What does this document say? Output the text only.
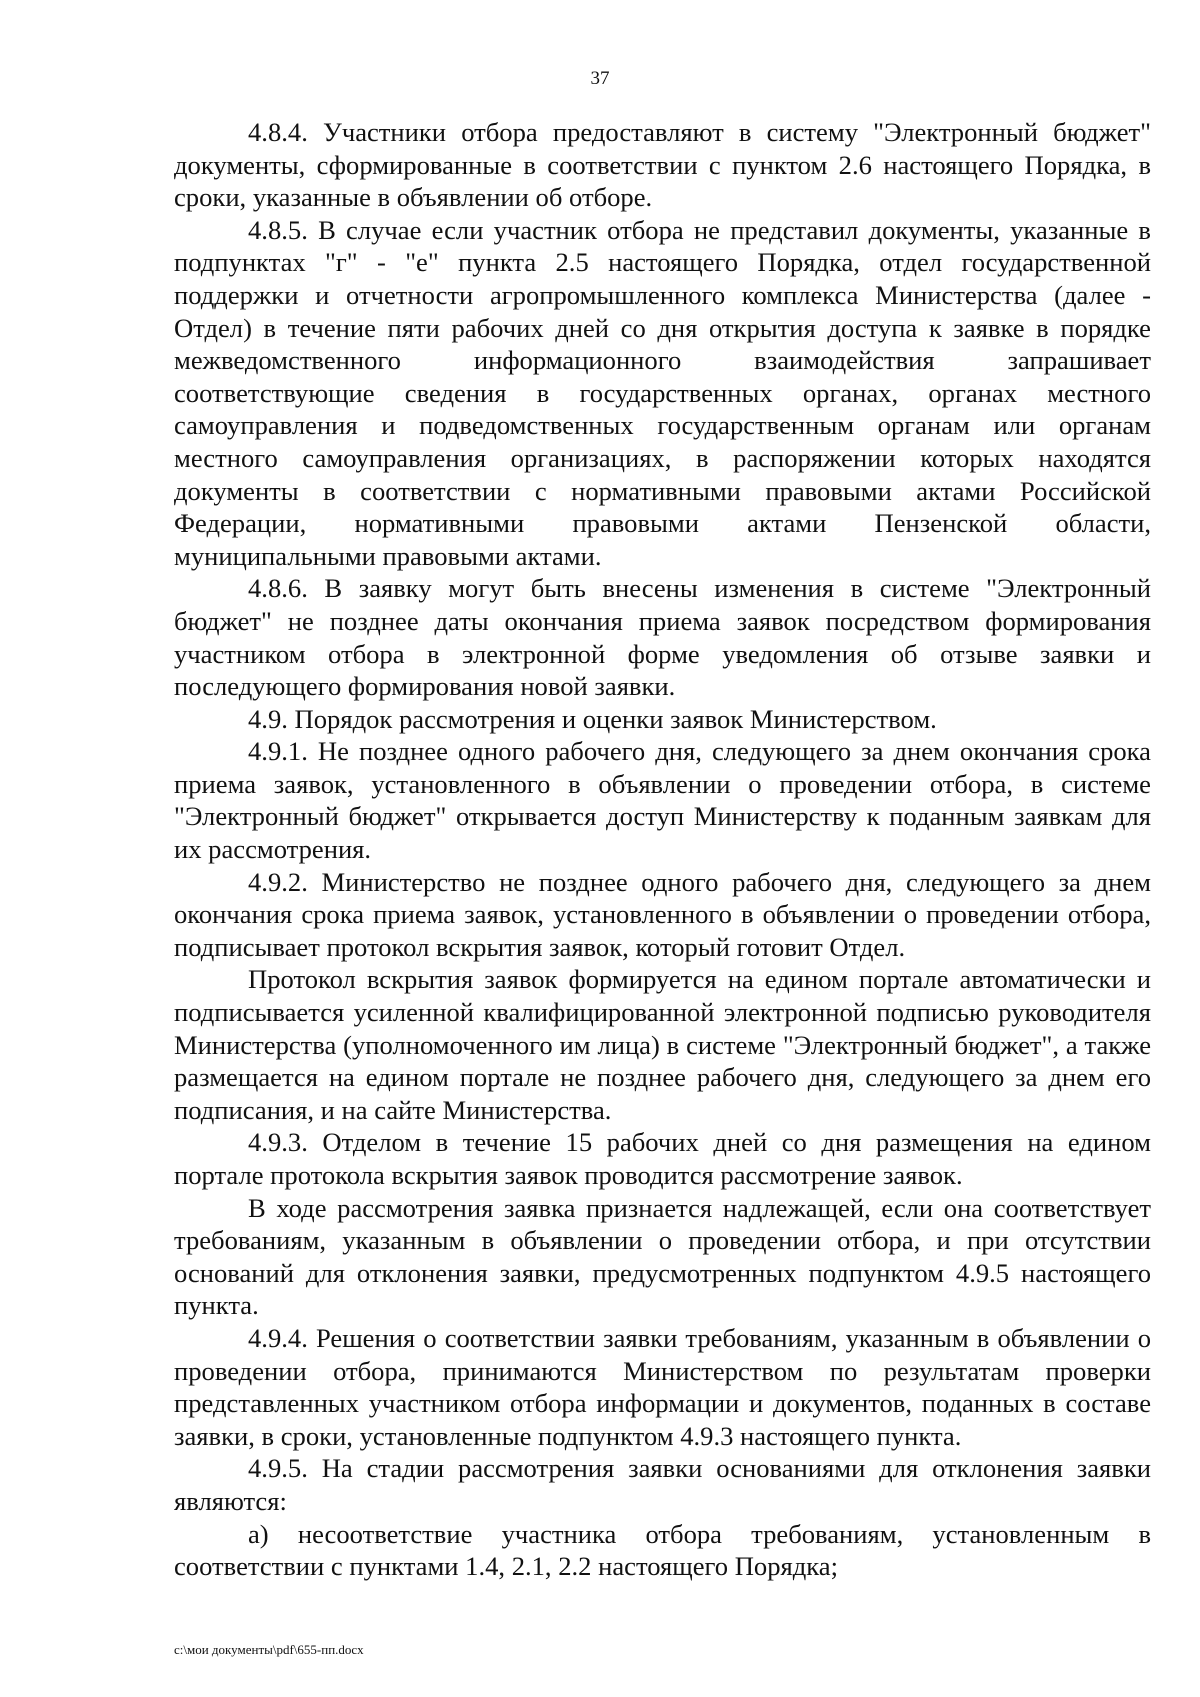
37

4.8.4. Участники отбора предоставляют в систему "Электронный бюджет" документы, сформированные в соответствии с пунктом 2.6 настоящего Порядка, в сроки, указанные в объявлении об отборе.

4.8.5. В случае если участник отбора не представил документы, указанные в подпунктах "г" - "е" пункта 2.5 настоящего Порядка, отдел государственной поддержки и отчетности агропромышленного комплекса Министерства (далее - Отдел) в течение пяти рабочих дней со дня открытия доступа к заявке в порядке межведомственного информационного взаимодействия запрашивает соответствующие сведения в государственных органах, органах местного самоуправления и подведомственных государственным органам или органам местного самоуправления организациях, в распоряжении которых находятся документы в соответствии с нормативными правовыми актами Российской Федерации, нормативными правовыми актами Пензенской области, муниципальными правовыми актами.

4.8.6. В заявку могут быть внесены изменения в системе "Электронный бюджет" не позднее даты окончания приема заявок посредством формирования участником отбора в электронной форме уведомления об отзыве заявки и последующего формирования новой заявки.

4.9. Порядок рассмотрения и оценки заявок Министерством.

4.9.1. Не позднее одного рабочего дня, следующего за днем окончания срока приема заявок, установленного в объявлении о проведении отбора, в системе "Электронный бюджет" открывается доступ Министерству к поданным заявкам для их рассмотрения.

4.9.2. Министерство не позднее одного рабочего дня, следующего за днем окончания срока приема заявок, установленного в объявлении о проведении отбора, подписывает протокол вскрытия заявок, который готовит Отдел.

Протокол вскрытия заявок формируется на едином портале автоматически и подписывается усиленной квалифицированной электронной подписью руководителя Министерства (уполномоченного им лица) в системе "Электронный бюджет", а также размещается на едином портале не позднее рабочего дня, следующего за днем его подписания, и на сайте Министерства.

4.9.3. Отделом в течение 15 рабочих дней со дня размещения на едином портале протокола вскрытия заявок проводится рассмотрение заявок.

В ходе рассмотрения заявка признается надлежащей, если она соответствует требованиям, указанным в объявлении о проведении отбора, и при отсутствии оснований для отклонения заявки, предусмотренных подпунктом 4.9.5 настоящего пункта.

4.9.4. Решения о соответствии заявки требованиям, указанным в объявлении о проведении отбора, принимаются Министерством по результатам проверки представленных участником отбора информации и документов, поданных в составе заявки, в сроки, установленные подпунктом 4.9.3 настоящего пункта.

4.9.5. На стадии рассмотрения заявки основаниями для отклонения заявки являются:

а) несоответствие участника отбора требованиям, установленным в соответствии с пунктами 1.4, 2.1, 2.2 настоящего Порядка;

c:\мои документы\pdf\655-пп.docx
